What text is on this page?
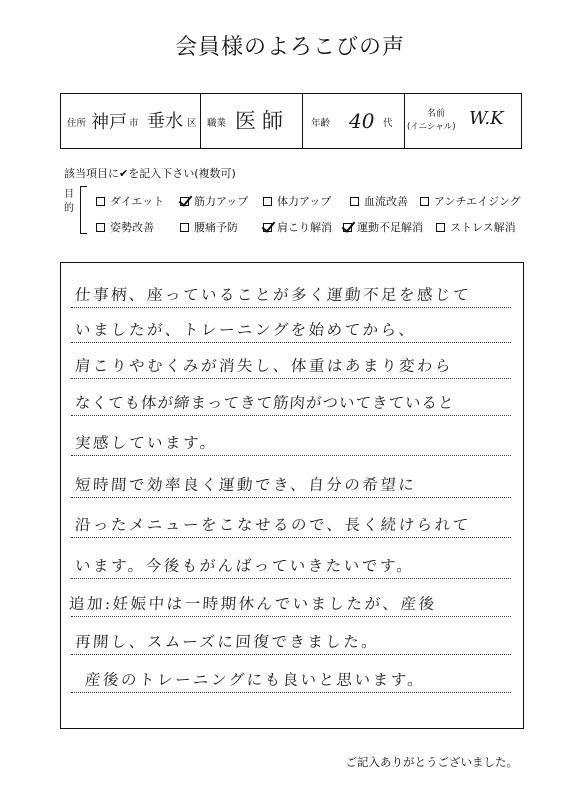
会員様のよろこびの声
住所 神戸 市 垂水 区 職業 医師 年齢 40 代
名前
(イニシャル) W.K
該当項目に✔を記入下さい(複数可)
目的
ダイエット	筋力アップ	体力アップ	血流改善 アンチエイジング
姿勢改善	腰痛予防	肩こり解消 運動不足解消 ストレス解消
仕事柄、座っていることが多く運動不足を感じて
いましたが、トレーニングを始めてから、
肩こりやむくみが消失し、体重はあまり変わら
なくても体が締まってきて筋肉がついてきていると
実感しています。
短時間で効率良く運動でき、自分の希望に
沿ったメニューをこなせるので、長く続けられて
います。今後もがんばっていきたいです。
追加:妊娠中は一時期休んでいましたが、産後
再開し、スムーズに回復できました。
産後のトレーニングにも良いと思います。
ご記入ありがとうございました。
